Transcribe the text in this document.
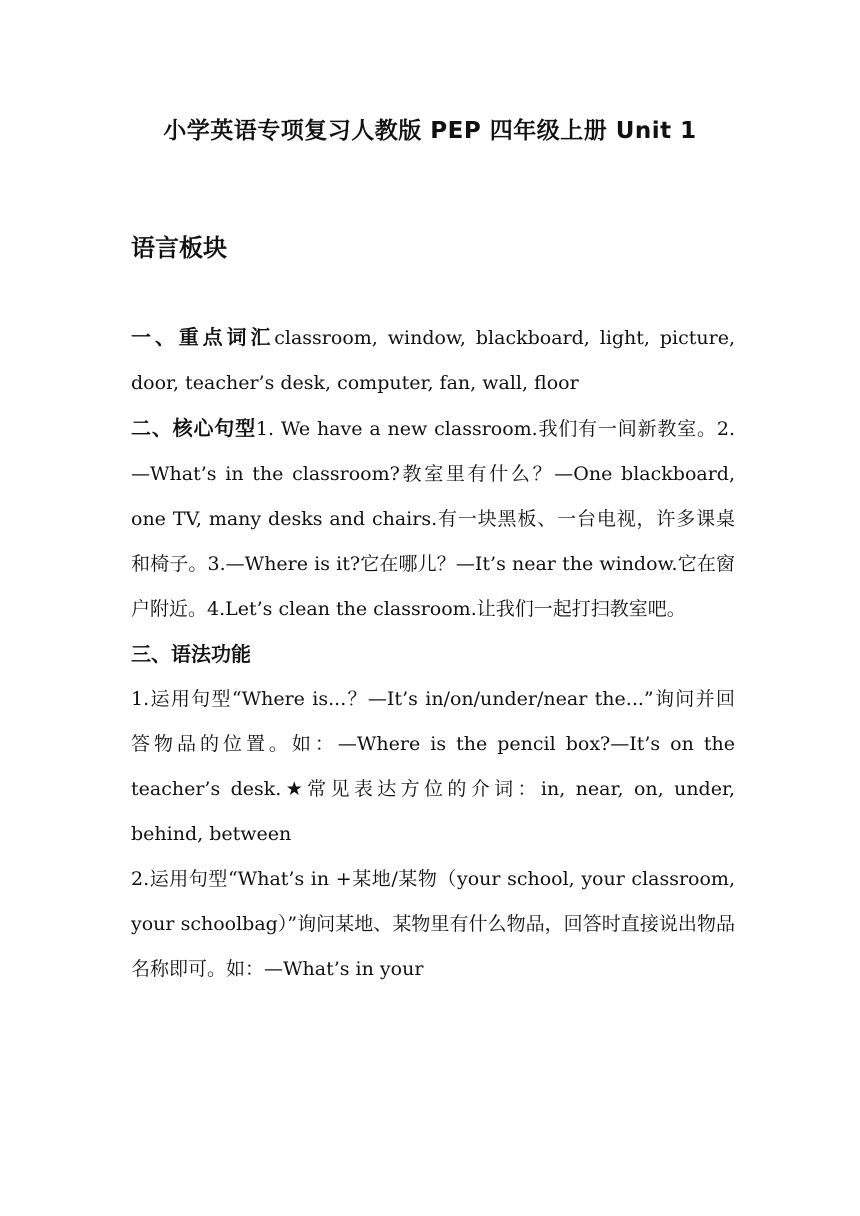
小学英语专项复习人教版 PEP 四年级上册 Unit 1
语言板块

一、重点词汇classroom, window, blackboard, light, picture, door, teacher’s desk, computer, fan, wall, floor

二、核心句型1. We have a new classroom.我们有一间新教室。2.—What’s in the classroom?教室里有什么？—One blackboard, one TV, many desks and chairs.有一块黑板、一台电视，许多课桌和椅子。3.—Where is it?它在哪儿？—It’s near the window.它在窗户附近。4.Let’s clean the classroom.让我们一起打扫教室吧。

三、语法功能

1.运用句型“Where is...？—It’s in/on/under/near the...”询问并回答物品的位置。如：—Where is the pencil box?—It’s on the teacher’s desk.★常见表达方位的介词：in, near, on, under, behind, between

2.运用句型“What’s in +某地/某物（your school, your classroom, your schoolbag）”询问某地、某物里有什么物品，回答时直接说出物品名称即可。如：—What’s in your
